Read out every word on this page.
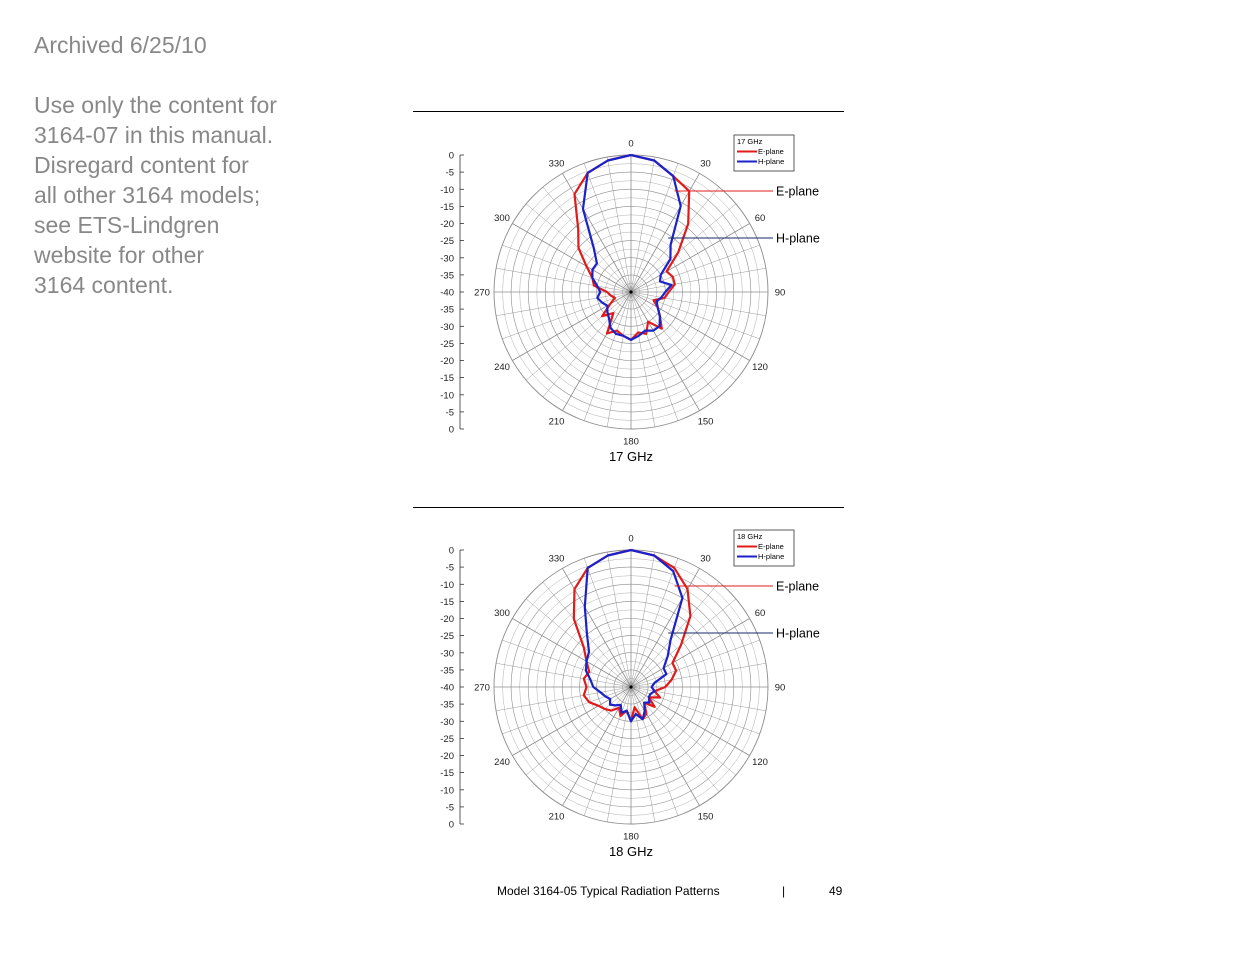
Archived 6/25/10
Use only the content for
3164-07 in this manual.
Disregard content for
all other 3164 models;
see ETS-Lindgren
website for other
3164 content.
0
30
60
90
120
150
180
210
240
270
300
330
0
-5
-10
-15
-20
-25
-30
-35
-40
-35
-30
-25
-20
-15
-10
-5
0
17 GHz
E-plane
H-plane
E-plane
H-plane
17 GHz
0
30
60
90
120
150
180
210
240
270
300
330
0
-5
-10
-15
-20
-25
-30
-35
-40
-35
-30
-25
-20
-15
-10
-5
0
18 GHz
E-plane
H-plane
E-plane
H-plane
18 GHz
Model 3164-05 Typical Radiation Patterns	|	49
